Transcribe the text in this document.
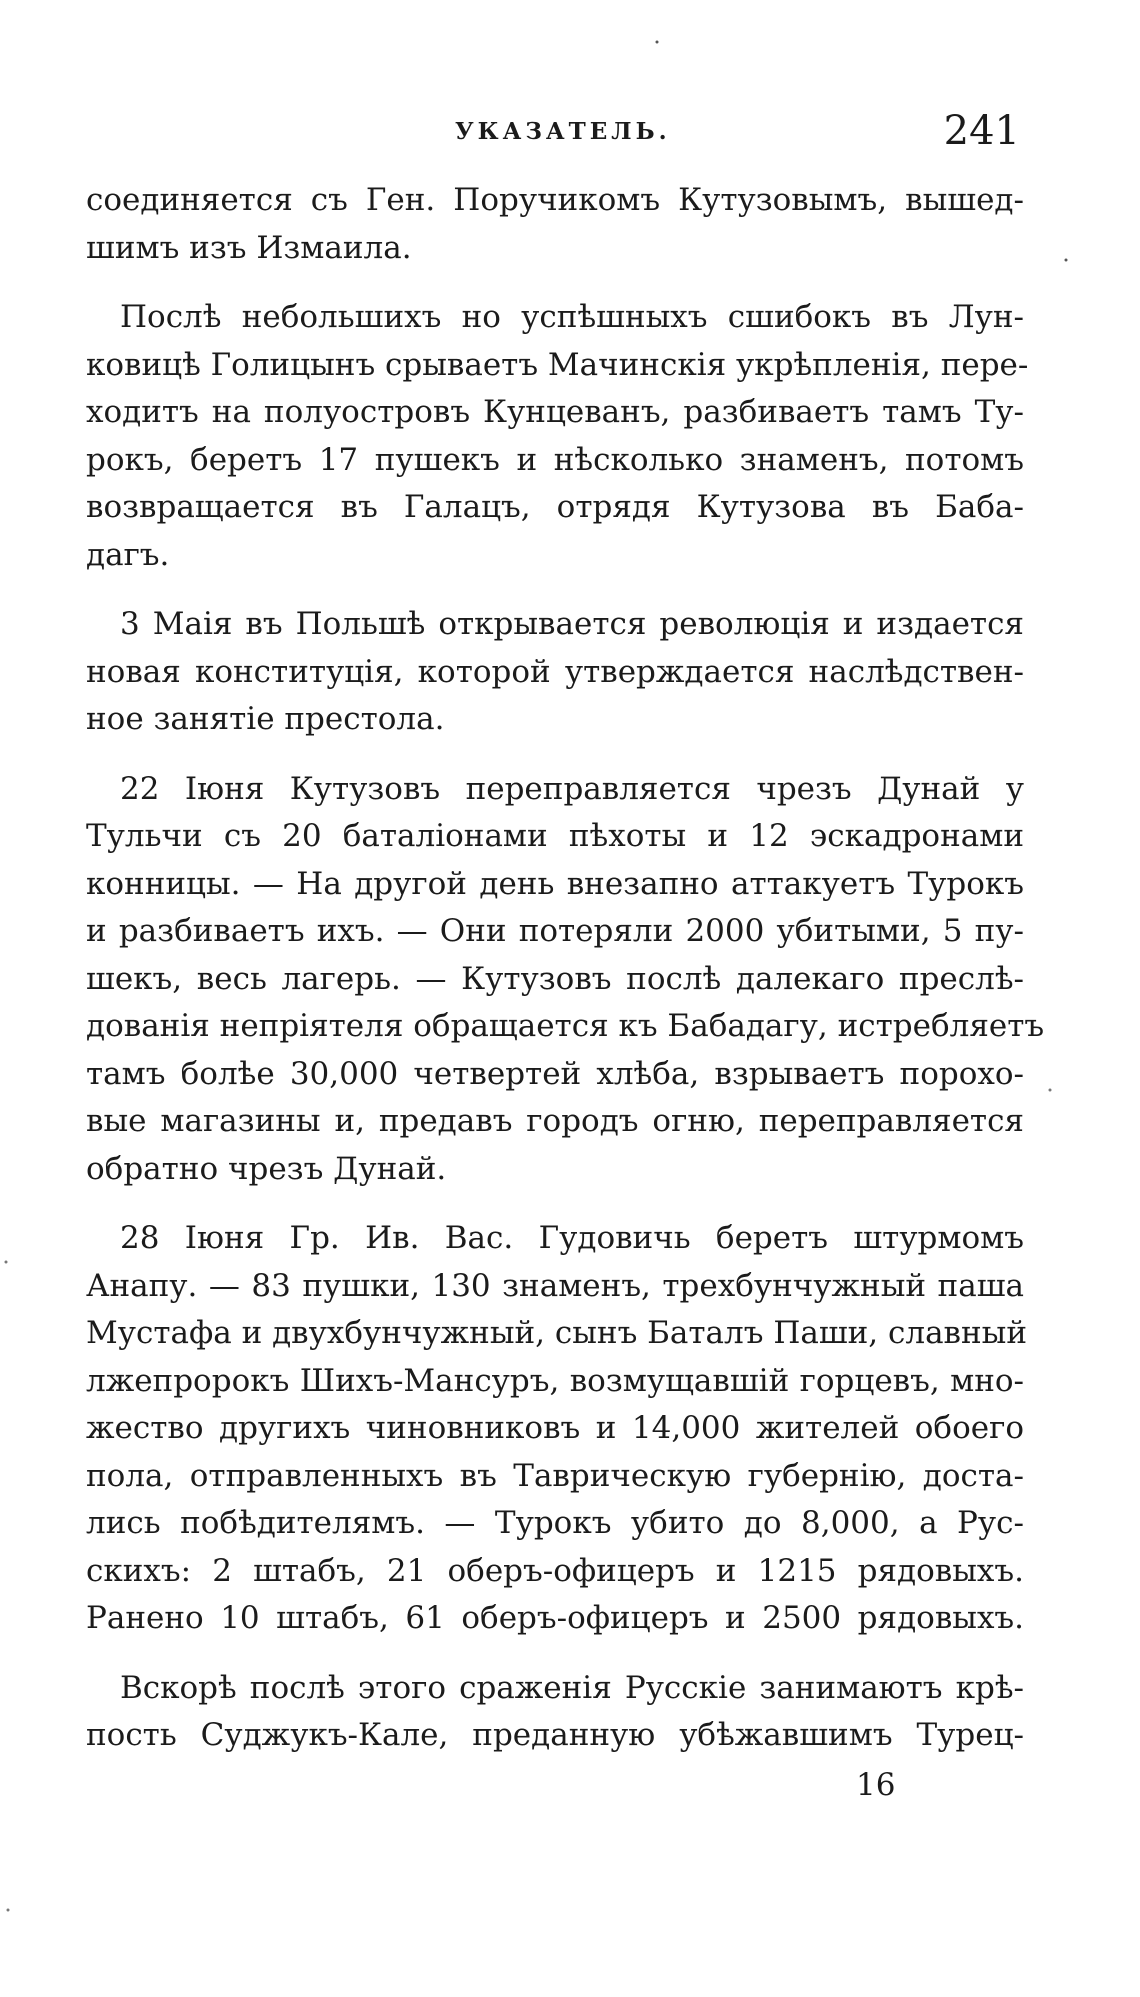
УКАЗАТЕЛЬ.	241

соединяется съ Ген. Поручикомъ Кутузовымъ, вышед-
шимъ изъ Измаила.

Послѣ небольшихъ но успѣшныхъ сшибокъ въ Лун-
ковицѣ Голицынъ срываетъ Мачинскія укрѣпленія, пере-
ходитъ на полуостровъ Кунцеванъ, разбиваетъ тамъ Ту-
рокъ, беретъ 17 пушекъ и нѣсколько знаменъ, потомъ
возвращается въ Галацъ, отрядя Кутузова въ Баба-
дагъ.

3 Маія въ Польшѣ открывается революція и издается
новая конституція, которой утверждается наслѣдствен-
ное занятіе престола.

22 Іюня Кутузовъ переправляется чрезъ Дунай у
Тульчи съ 20 баталіонами пѣхоты и 12 эскадронами
конницы. — На другой день внезапно аттакуетъ Турокъ
и разбиваетъ ихъ. — Они потеряли 2000 убитыми, 5 пу-
шекъ, весь лагерь. — Кутузовъ послѣ далекаго преслѣ-
дованія непріятеля обращается къ Бабадагу, истребляетъ
тамъ болѣе 30,000 четвертей хлѣба, взрываетъ порохо-
вые магазины и, предавъ городъ огню, переправляется
обратно чрезъ Дунай.

28 Іюня Гр. Ив. Вас. Гудовичь беретъ штурмомъ
Анапу. — 83 пушки, 130 знаменъ, трехбунчужный паша
Мустафа и двухбунчужный, сынъ Баталъ Паши, славный
лжепророкъ Шихъ-Мансуръ, возмущавшій горцевъ, мно-
жество другихъ чиновниковъ и 14,000 жителей обоего
пола, отправленныхъ въ Таврическую губернію, доста-
лись побѣдителямъ. — Турокъ убито до 8,000, а Рус-
скихъ: 2 штабъ, 21 оберъ-офицеръ и 1215 рядовыхъ.
Ранено 10 штабъ, 61 оберъ-офицеръ и 2500 рядовыхъ.

Вскорѣ послѣ этого сраженія Русскіе занимаютъ крѣ-
пость Суджукъ-Кале, преданную убѣжавшимъ Турец-

16
